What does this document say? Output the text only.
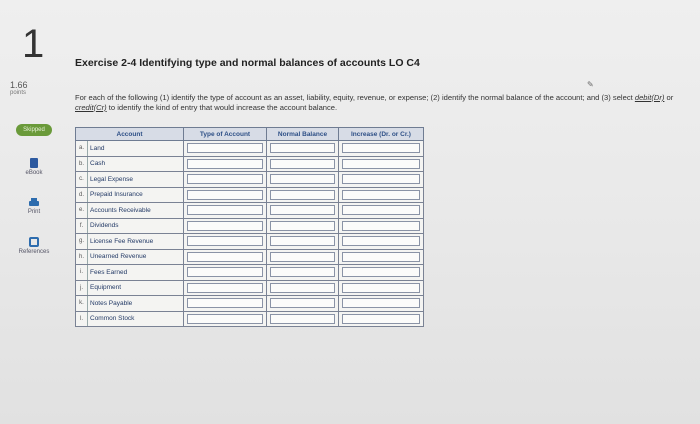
1
1.66
points
Skipped
eBook
Print
References
Exercise 2-4 Identifying type and normal balances of accounts LO C4
✎
For each of the following (1) identify the type of account as an asset, liability, equity, revenue, or expense; (2) identify the normal balance of the account; and (3) select debit(Dr) or credit(Cr) to identify the kind of entry that would increase the account balance.
Account	Type of Account	Normal Balance	Increase (Dr. or Cr.)

a. Land			

b. Cash			

c. Legal Expense			

d. Prepaid Insurance			

e. Accounts Receivable			

f. Dividends			

g. License Fee Revenue			

h. Unearned Revenue			

i. Fees Earned			

j. Equipment			

k. Notes Payable			

l. Common Stock			
